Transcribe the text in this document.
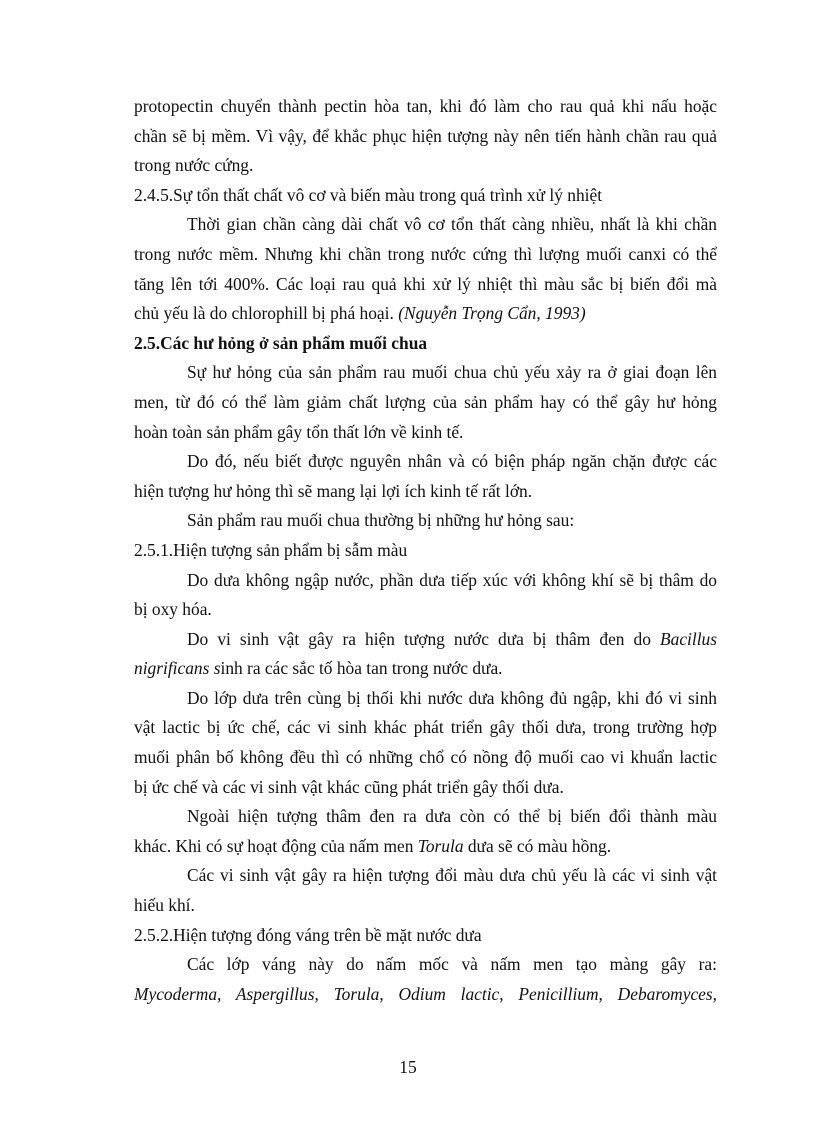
protopectin chuyển thành pectin hòa tan, khi đó làm cho rau quả khi nấu hoặc
chần sẽ bị mềm. Vì vậy, để khắc phục hiện tượng này nên tiến hành chần rau quả
trong nước cứng.
2.4.5.Sự tổn thất chất vô cơ và biến màu trong quá trình xử lý nhiệt
Thời gian chần càng dài chất vô cơ tổn thất càng nhiều, nhất là khi chần
trong nước mềm. Nhưng khi chần trong nước cứng thì lượng muối canxi có thể
tăng lên tới 400%. Các loại rau quả khi xử lý nhiệt thì màu sắc bị biến đổi mà
chủ yếu là do chlorophill bị phá hoại. (Nguyễn Trọng Cẩn, 1993)
2.5.Các hư hỏng ở sản phẩm muối chua
Sự hư hỏng của sản phẩm rau muối chua chủ yếu xảy ra ở giai đoạn lên
men, từ đó có thể làm giảm chất lượng của sản phẩm hay có thể gây hư hỏng
hoàn toàn sản phẩm gây tổn thất lớn về kinh tế.
Do đó, nếu biết được nguyên nhân và có biện pháp ngăn chặn được các
hiện tượng hư hỏng thì sẽ mang lại lợi ích kinh tế rất lớn.
Sản phẩm rau muối chua thường bị những hư hỏng sau:
2.5.1.Hiện tượng sản phẩm bị sẫm màu
Do dưa không ngập nước, phần dưa tiếp xúc với không khí sẽ bị thâm do
bị oxy hóa.
Do vi sinh vật gây ra hiện tượng nước dưa bị thâm đen do Bacillus
nigrificans sinh ra các sắc tố hòa tan trong nước dưa.
Do lớp dưa trên cùng bị thối khi nước dưa không đủ ngập, khi đó vi sinh
vật lactic bị ức chế, các vi sinh khác phát triển gây thối dưa, trong trường hợp
muối phân bố không đều thì có những chổ có nồng độ muối cao vi khuẩn lactic
bị ức chế và các vi sinh vật khác cũng phát triển gây thối dưa.
Ngoài hiện tượng thâm đen ra dưa còn có thể bị biến đổi thành màu
khác. Khi có sự hoạt động của nấm men Torula dưa sẽ có màu hồng.
Các vi sinh vật gây ra hiện tượng đổi màu dưa chủ yếu là các vi sinh vật
hiếu khí.
2.5.2.Hiện tượng đóng váng trên bề mặt nước dưa
Các lớp váng này do nấm mốc và nấm men tạo màng gây ra:
Mycoderma, Aspergillus, Torula, Odium lactic, Penicillium, Debaromyces,
15
